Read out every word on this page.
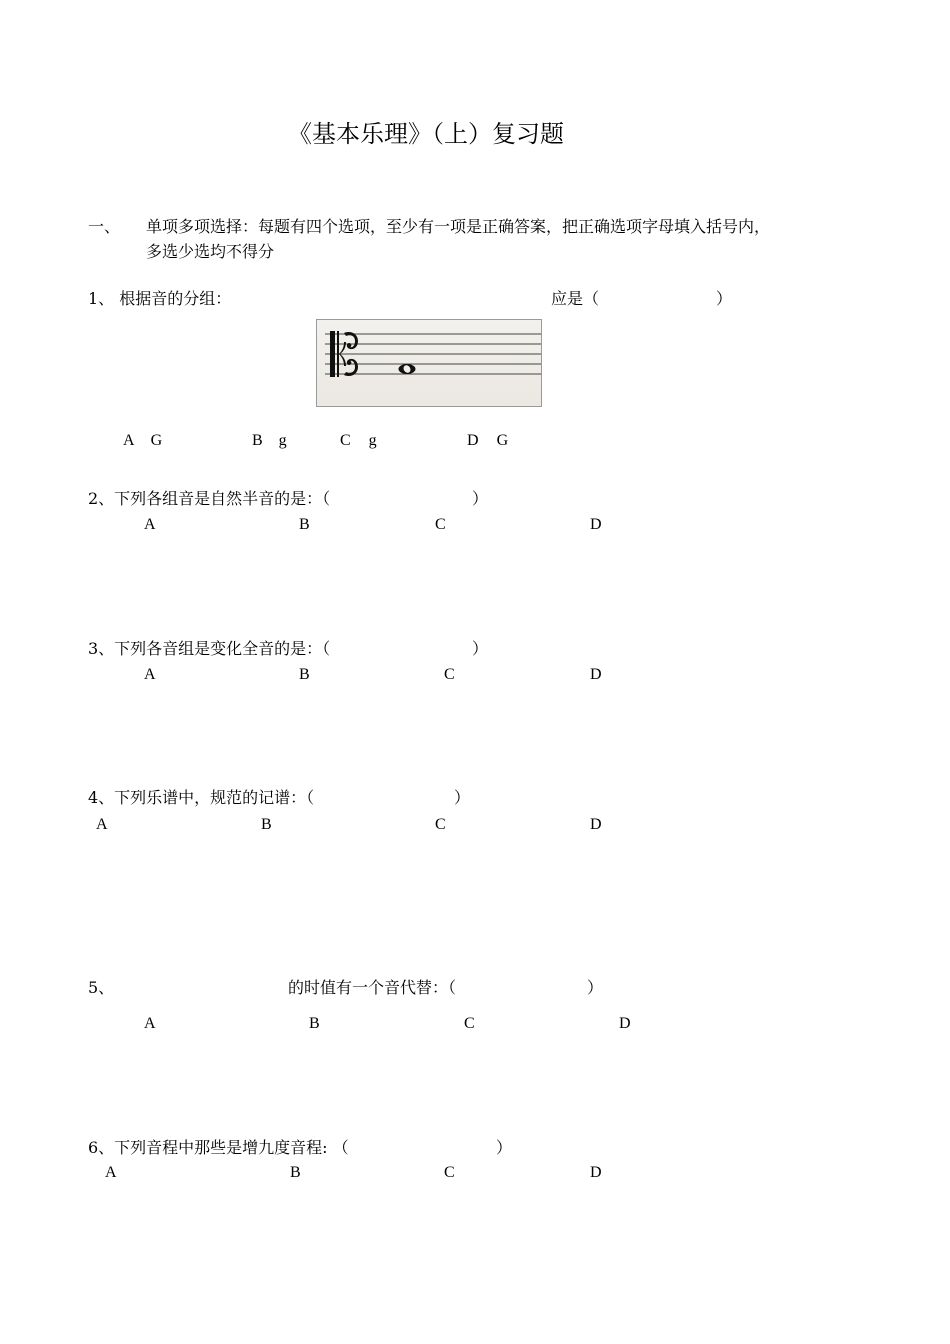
《基本乐理》（上）复习题
一、 单项多项选择：每题有四个选项，至少有一项是正确答案，把正确选项字母填入括号内，
多选少选均不得分
1、 根据音的分组：	应是（	）
A G	B g	C g	D G
2、下列各组音是自然半音的是：（	）
A	B	C	D
3、下列各音组是变化全音的是：（	）
A	B	C	D
4、下列乐谱中，规范的记谱：（	）
A	B	C	D
5、	的时值有一个音代替：（	）
A	B	C	D
6、下列音程中那些是增九度音程: （	）
A	B	C	D
